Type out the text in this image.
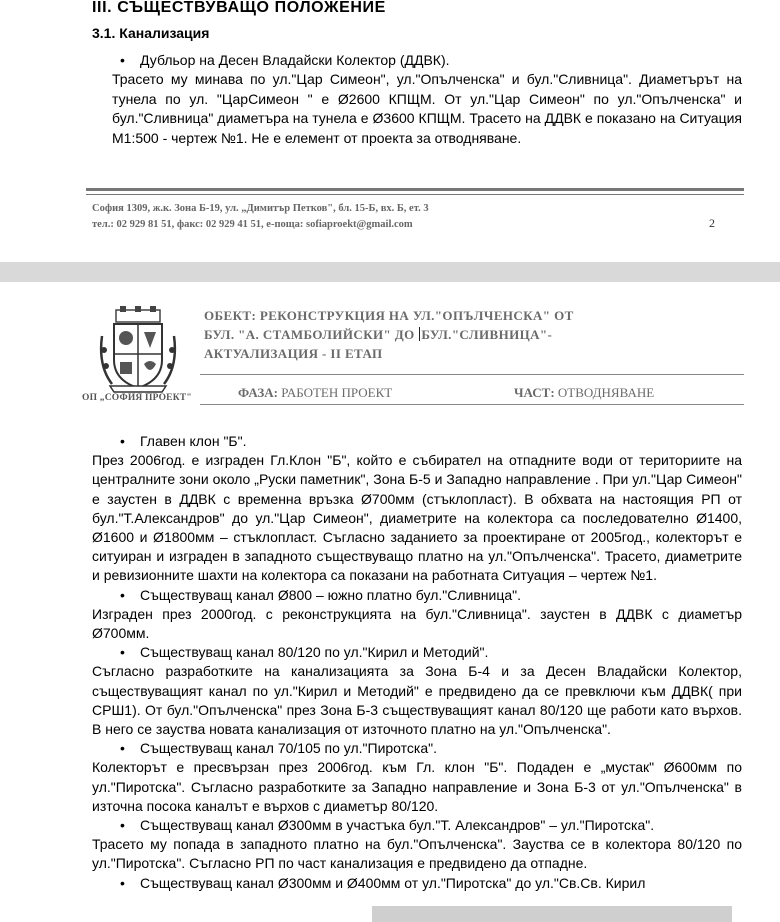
III. СЪЩЕСТВУВАЩО ПОЛОЖЕНИЕ
3.1. Канализация
• Дубльор на Десен Владайски Колектор (ДДВК).
Трасето му минава по ул."Цар Симеон", ул."Опълченска" и бул."Сливница". Диаметърът на тунела по ул. "ЦарСимеон " е Ø2600 КПЩМ. От ул."Цар Симеон" по ул."Опълченска" и бул."Сливница" диаметъра на тунела е Ø3600 КПЩМ. Трасето на ДДВК е показано на Ситуация М1:500 - чертеж №1. Не е елемент от проекта за отводняване.
София 1309, ж.к. Зона Б-19, ул. „Димитър Петков", бл. 15-Б, вх. Б, ет. 3
тел.: 02 929 81 51, факс: 02 929 41 51, е-поща: sofiaproekt@gmail.com	2
ОП „СОФИЯ ПРОЕКТ"
ОБЕКТ: РЕКОНСТРУКЦИЯ НА УЛ."ОПЪЛЧЕНСКА" ОТ
БУЛ. "А. СТАМБОЛИЙСКИ" ДО БУЛ."СЛИВНИЦА"-
АКТУАЛИЗАЦИЯ - II ЕТАП
ФАЗА: РАБОТЕН ПРОЕКТ	ЧАСТ: ОТВОДНЯВАНЕ
• Главен клон "Б".
През 2006год. е изграден Гл.Клон "Б", който е събирател на отпадните води от териториите на централните зони около „Руски паметник", Зона Б-5 и Западно направление . При ул."Цар Симеон" е заустен в ДДВК с временна връзка Ø700мм (стъклопласт). В обхвата на настоящия РП от бул."Т.Александров" до ул."Цар Симеон", диаметрите на колектора са последователно Ø1400, Ø1600 и Ø1800мм – стъклопласт. Съгласно заданието за проектиране от 2005год., колекторът е ситуиран и изграден в западното съществуващо платно на ул."Опълченска". Трасето, диаметрите и ревизионните шахти на колектора са показани на работната Ситуация – чертеж №1.
• Съществуващ канал Ø800 – южно платно бул."Сливница".
Изграден през 2000год. с реконструкцията на бул."Сливница". заустен в ДДВК с диаметър Ø700мм.
• Съществуващ канал 80/120 по ул."Кирил и Методий".
Съгласно разработките на канализацията за Зона Б-4 и за Десен Владайски Колектор, съществуващият канал по ул."Кирил и Методий" е предвидено да се превключи към ДДВК( при СРШ1). От бул."Опълченска" през Зона Б-3 съществуващият канал 80/120 ще работи като върхов. В него се зауства новата канализация от източното платно на ул."Опълченска".
• Съществуващ канал 70/105 по ул."Пиротска".
Колекторът е пресвързан през 2006год. към Гл. клон "Б". Подаден е „мустак" Ø600мм по ул."Пиротска". Съгласно разработките за Западно направление и Зона Б-3 от ул."Опълченска" в източна посока каналът е върхов с диаметър 80/120.
• Съществуващ канал Ø300мм в участъка бул."Т. Александров" – ул."Пиротска".
Трасето му попада в западното платно на бул."Опълченска". Зауства се в колектора 80/120 по ул."Пиротска". Съгласно РП по част канализация е предвидено да отпадне.
• Съществуващ канал Ø300мм и Ø400мм от ул."Пиротска" до ул."Св.Св. Кирил
